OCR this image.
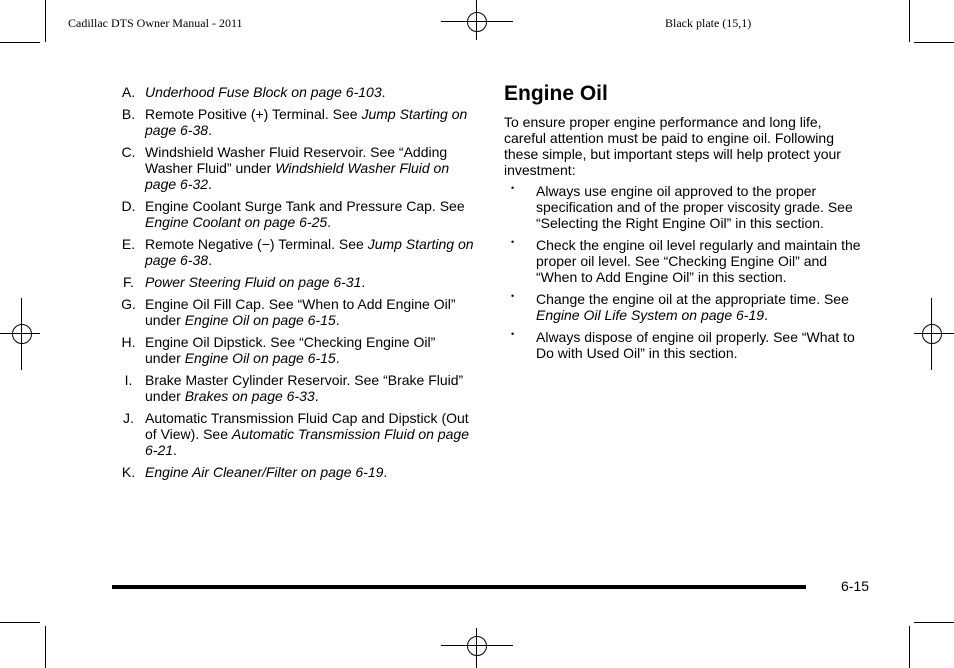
Cadillac DTS Owner Manual - 2011	Black plate (15,1)
A. Underhood Fuse Block on page 6-103.
B. Remote Positive (+) Terminal. See Jump Starting on page 6-38.
C. Windshield Washer Fluid Reservoir. See “Adding Washer Fluid” under Windshield Washer Fluid on page 6-32.
D. Engine Coolant Surge Tank and Pressure Cap. See Engine Coolant on page 6-25.
E. Remote Negative (−) Terminal. See Jump Starting on page 6-38.
F. Power Steering Fluid on page 6-31.
G. Engine Oil Fill Cap. See “When to Add Engine Oil” under Engine Oil on page 6-15.
H. Engine Oil Dipstick. See “Checking Engine Oil” under Engine Oil on page 6-15.
I. Brake Master Cylinder Reservoir. See “Brake Fluid” under Brakes on page 6-33.
J. Automatic Transmission Fluid Cap and Dipstick (Out of View). See Automatic Transmission Fluid on page 6-21.
K. Engine Air Cleaner/Filter on page 6-19.
Engine Oil

To ensure proper engine performance and long life, careful attention must be paid to engine oil. Following these simple, but important steps will help protect your investment:

•	Always use engine oil approved to the proper specification and of the proper viscosity grade. See “Selecting the Right Engine Oil” in this section.
•	Check the engine oil level regularly and maintain the proper oil level. See “Checking Engine Oil” and “When to Add Engine Oil” in this section.
•	Change the engine oil at the appropriate time. See Engine Oil Life System on page 6-19.
•	Always dispose of engine oil properly. See “What to Do with Used Oil” in this section.
6-15
